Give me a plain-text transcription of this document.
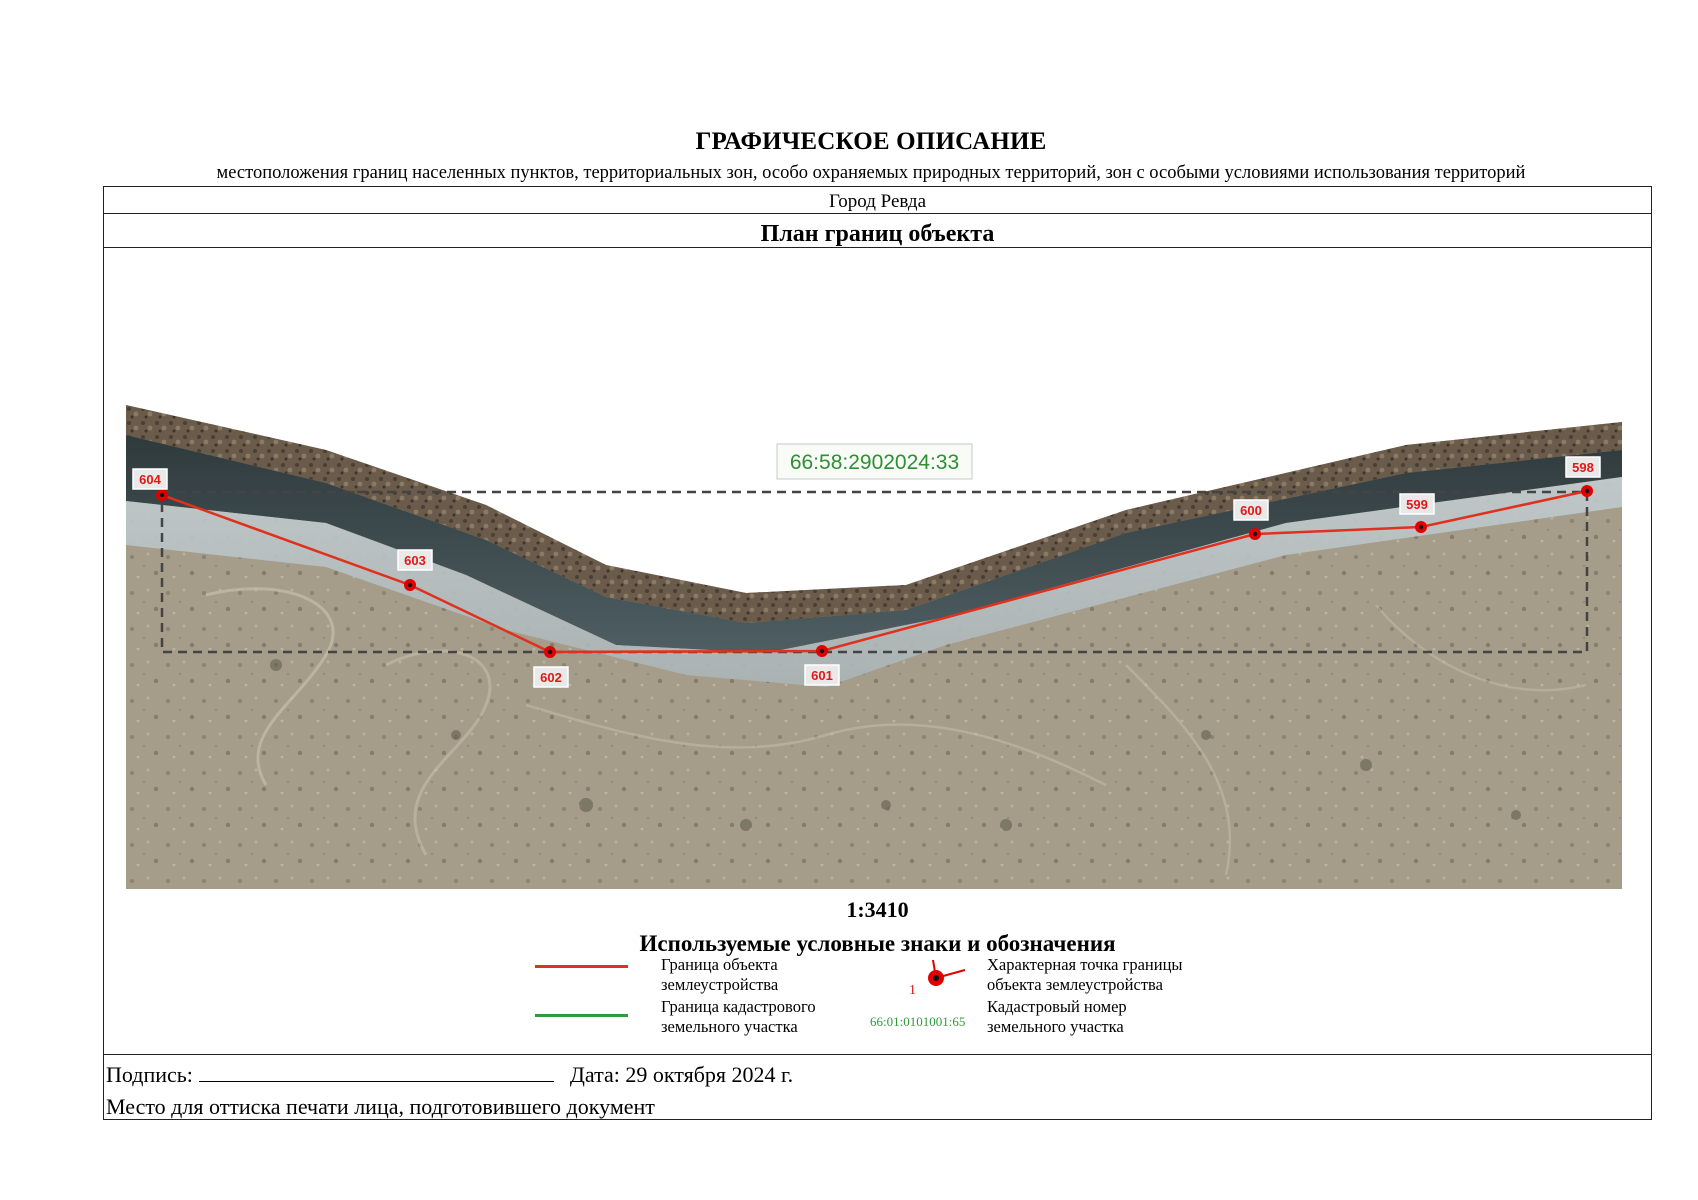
ГРАФИЧЕСКОЕ ОПИСАНИЕ
местоположения границ населенных пунктов, территориальных зон, особо охраняемых природных территорий, зон с особыми условиями использования территорий
Город Ревда
План границ объекта
66:58:2902024:33
604
603
602	601
600	599
598
1:3410
Используемые условные знаки и обозначения
Граница объекта
землеустройства
Граница кадастрового
земельного участка
1
Характерная точка границы
объекта землеустройства
66:01:0101001:65
Кадастровый номер
земельного участка
Подпись:	Дата: 29 октября 2024 г.
Место для оттиска печати лица, подготовившего документ
